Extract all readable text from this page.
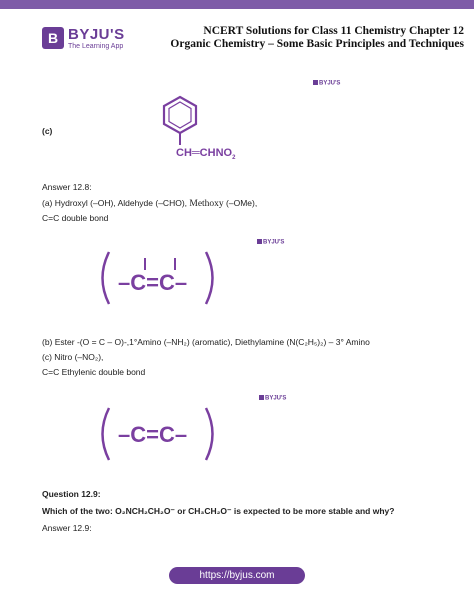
B BYJU'S
The Learning App
NCERT Solutions for Class 11 Chemistry Chapter 12
Organic Chemistry – Some Basic Principles and Techniques
BYJU'S
BYJU'S
BYJU'S
(c)
$CH═CHNO_2$
Answer 12.8:
(a) Hydroxyl (–OH), Aldehyde (–CHO), Methoxy (–OMe),
C=C double bond
–C=C–
(b) Ester -(O = C – O)-,1°Amino (–NH₂) (aromatic), Diethylamine (N(C₂H₅)₂) – 3° Amino
(c) Nitro (–NO₂),
C=C Ethylenic double bond
–C=C–
Question 12.9:
Which of the two: O₂NCH₂CH₂O⁻ or CH₃CH₂O⁻ is expected to be more stable and why?
Answer 12.9:
https://byjus.com
